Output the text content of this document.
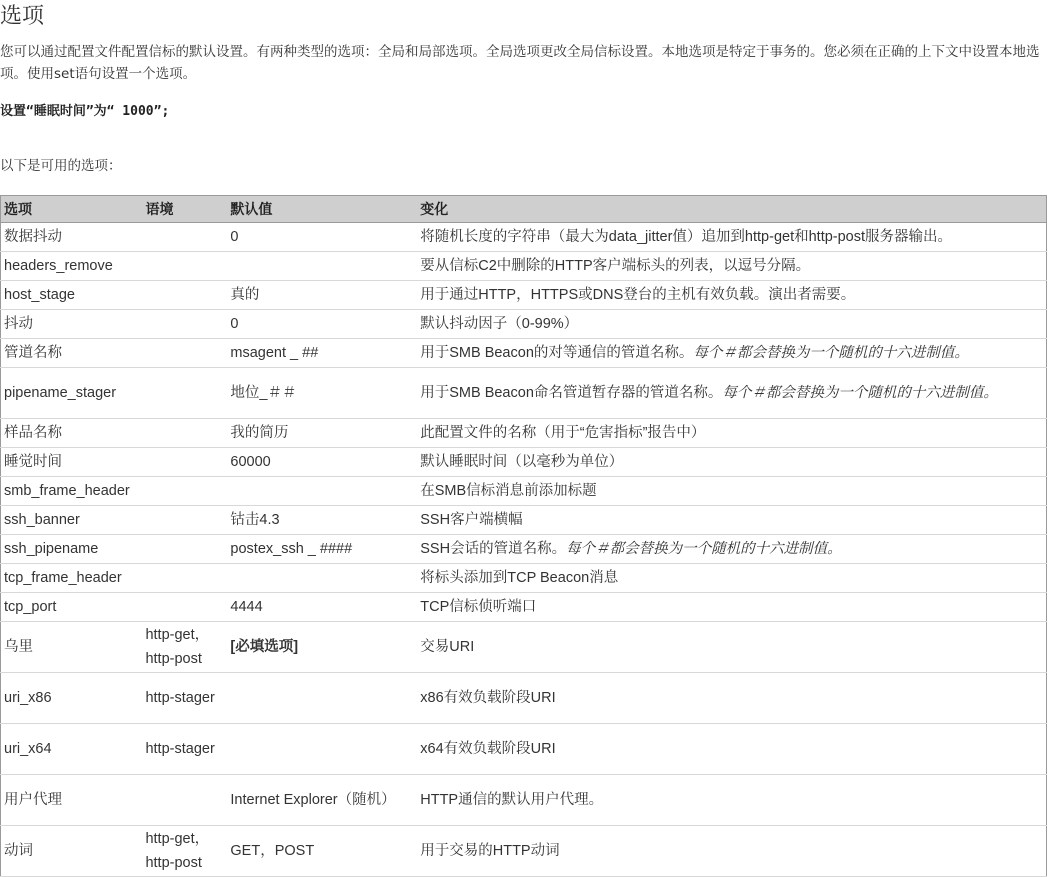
选项

您可以通过配置文件配置信标的默认设置。有两种类型的选项：全局和局部选项。全局选项更改全局信标设置。本地选项是特定于事务的。您必须在正确的上下文中设置本地选项。使用set语句设置一个选项。

设置“睡眠时间”为“ 1000”;
以下是可用的选项：
选项	语境	默认值	变化
数据抖动		0	将随机长度的字符串（最大为data_jitter值）追加到http-get和http-post服务器输出。
headers_remove			要从信标C2中删除的HTTP客户端标头的列表，以逗号分隔。
host_stage		真的	用于通过HTTP，HTTPS或DNS登台的主机有效负载。演出者需要。
抖动		0	默认抖动因子（0-99%）
管道名称		msagent _ ##	用于SMB Beacon的对等通信的管道名称。每个＃都会替换为一个随机的十六进制值。
pipename_stager		地位_＃＃	用于SMB Beacon命名管道暂存器的管道名称。每个＃都会替换为一个随机的十六进制值。
样品名称		我的简历	此配置文件的名称（用于“危害指标”报告中）
睡觉时间		60000	默认睡眠时间（以毫秒为单位）
smb_frame_header			在SMB信标消息前添加标题
ssh_banner		钴击4.3	SSH客户端横幅
ssh_pipename		postex_ssh _ ####	SSH会话的管道名称。每个＃都会替换为一个随机的十六进制值。
tcp_frame_header			将标头添加到TCP Beacon消息
tcp_port		4444	TCP信标侦听端口
乌里	http-get，http-post	[必填选项]	交易URI
uri_x86	http-stager		x86有效负载阶段URI
uri_x64	http-stager		x64有效负载阶段URI
用户代理		Internet Explorer（随机）	HTTP通信的默认用户代理。
动词	http-get，http-post	GET，POST	用于交易的HTTP动词
